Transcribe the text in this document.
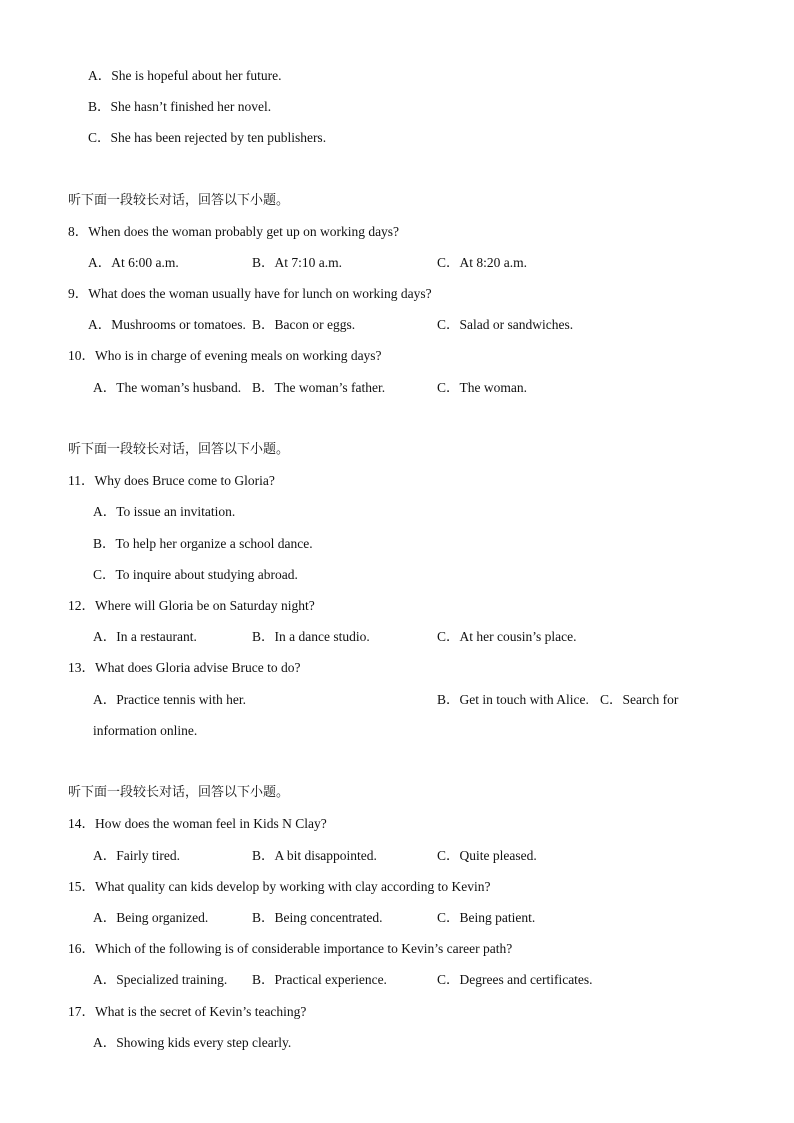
A．She is hopeful about her future.
B．She hasn’t finished her novel.
C．She has been rejected by ten publishers.
听下面一段较长对话，回答以下小题。
8．When does the woman probably get up on working days?
A．At 6:00 a.m.	B．At 7:10 a.m.	C．At 8:20 a.m.
9．What does the woman usually have for lunch on working days?
A．Mushrooms or tomatoes. B．Bacon or eggs.	C．Salad or sandwiches.
10．Who is in charge of evening meals on working days?
A．The woman’s husband. B．The woman’s father.	C．The woman.
听下面一段较长对话，回答以下小题。
11．Why does Bruce come to Gloria?
A．To issue an invitation.
B．To help her organize a school dance.
C．To inquire about studying abroad.
12．Where will Gloria be on Saturday night?
A．In a restaurant.	B．In a dance studio.	C．At her cousin’s place.
13．What does Gloria advise Bruce to do?
A．Practice tennis with her.	B．Get in touch with Alice. C．Search for
information online.
听下面一段较长对话，回答以下小题。
14．How does the woman feel in Kids N Clay?
A．Fairly tired.	B．A bit disappointed.	C．Quite pleased.
15．What quality can kids develop by working with clay according to Kevin?
A．Being organized.	B．Being concentrated.	C．Being patient.
16．Which of the following is of considerable importance to Kevin’s career path?
A．Specialized training. B．Practical experience.	C．Degrees and certificates.
17．What is the secret of Kevin’s teaching?
A．Showing kids every step clearly.
